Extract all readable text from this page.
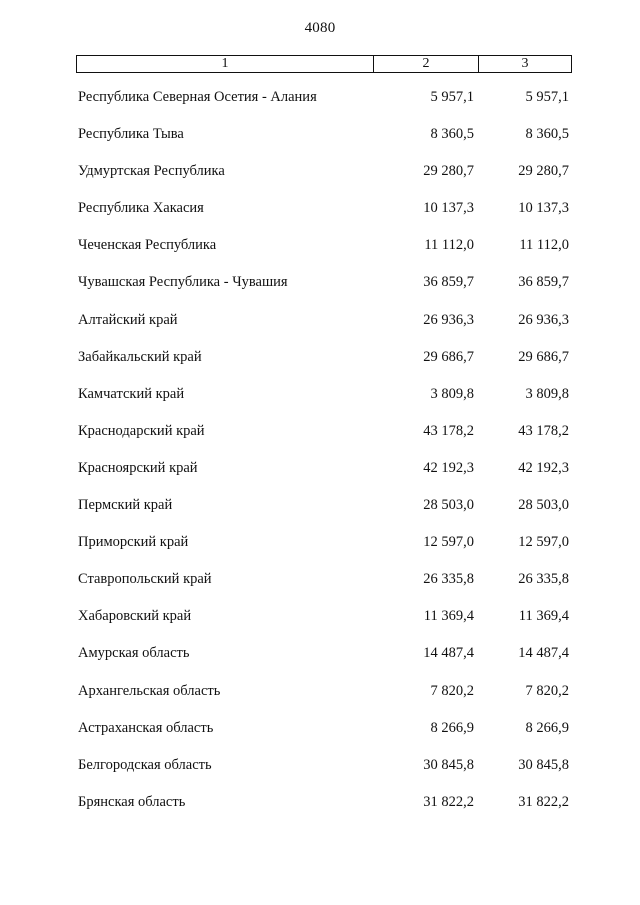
4080
1	2	3
Республика Северная Осетия - Алания	5 957,1	5 957,1
Республика Тыва	8 360,5	8 360,5
Удмуртская Республика	29 280,7	29 280,7
Республика Хакасия	10 137,3	10 137,3
Чеченская Республика	11 112,0	11 112,0
Чувашская Республика - Чувашия	36 859,7	36 859,7
Алтайский край	26 936,3	26 936,3
Забайкальский край	29 686,7	29 686,7
Камчатский край	3 809,8	3 809,8
Краснодарский край	43 178,2	43 178,2
Красноярский край	42 192,3	42 192,3
Пермский край	28 503,0	28 503,0
Приморский край	12 597,0	12 597,0
Ставропольский край	26 335,8	26 335,8
Хабаровский край	11 369,4	11 369,4
Амурская область	14 487,4	14 487,4
Архангельская область	7 820,2	7 820,2
Астраханская область	8 266,9	8 266,9
Белгородская область	30 845,8	30 845,8
Брянская область	31 822,2	31 822,2
